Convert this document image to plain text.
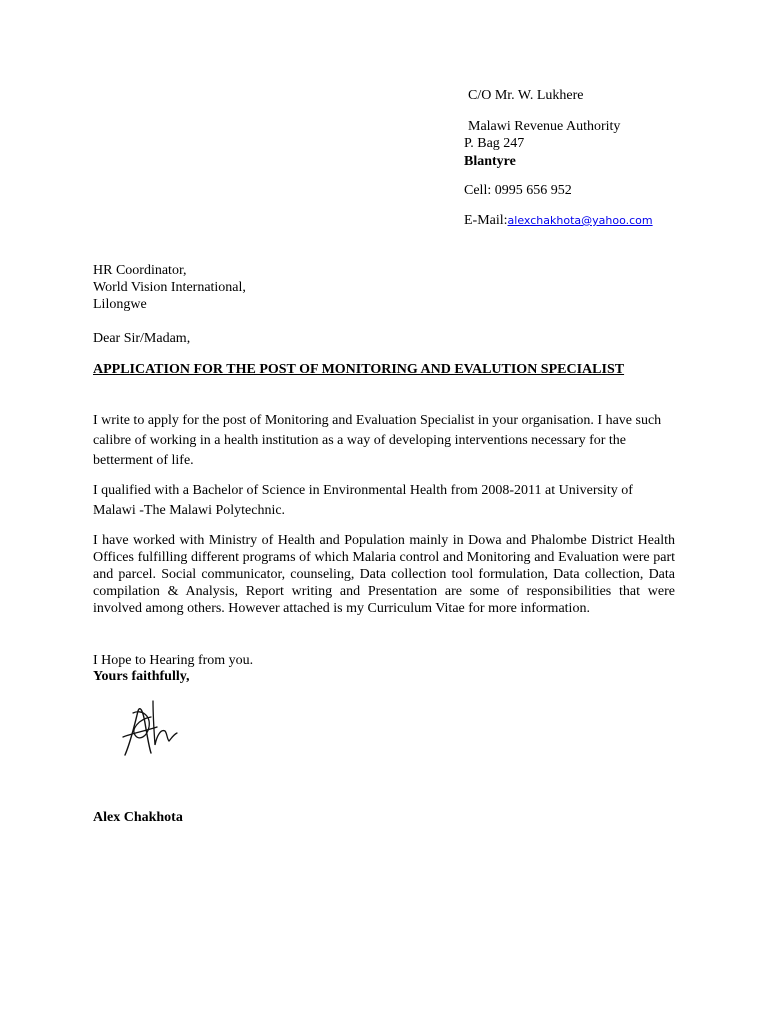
C/O Mr. W. Lukhere
Malawi Revenue Authority
P. Bag 247
Blantyre
Cell: 0995 656 952
E-Mail:alexchakhota@yahoo.com
HR Coordinator,
World Vision International,
Lilongwe
Dear Sir/Madam,
APPLICATION FOR THE POST OF MONITORING AND EVALUTION SPECIALIST
I write to apply for the post of Monitoring and Evaluation Specialist in your organisation. I have such calibre of working in a health institution as a way of developing interventions necessary for the betterment of life.
I qualified with a Bachelor of Science in Environmental Health from 2008-2011 at University of Malawi -The Malawi Polytechnic.
I have worked with Ministry of Health and Population mainly in Dowa and Phalombe District Health Offices fulfilling different programs of which Malaria control and Monitoring and Evaluation were part and parcel. Social communicator, counseling, Data collection tool formulation, Data collection, Data compilation & Analysis, Report writing and Presentation are some of responsibilities that were involved among others. However attached is my Curriculum Vitae for more information.
I Hope to Hearing from you.
Yours faithfully,
Alex Chakhota
